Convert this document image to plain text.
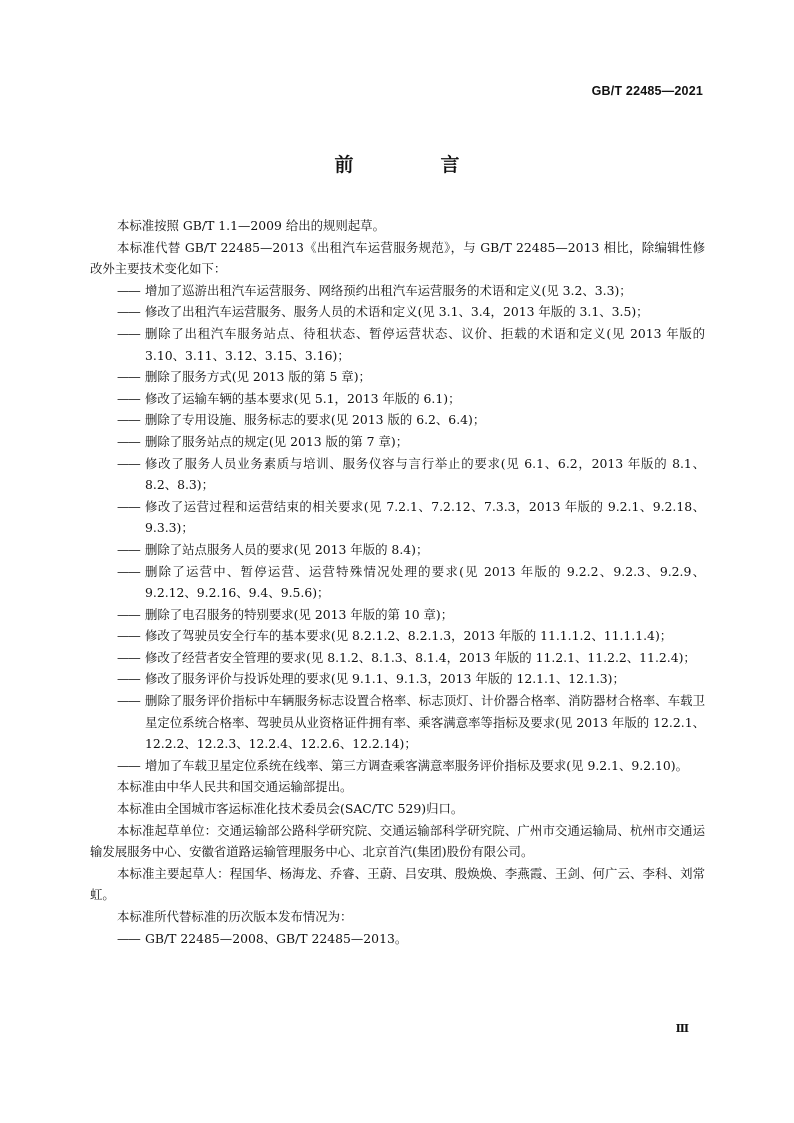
GB/T 22485—2021
前　言

本标准按照 GB/T 1.1—2009 给出的规则起草。

本标准代替 GB/T 22485—2013《出租汽车运营服务规范》，与 GB/T 22485—2013 相比，除编辑性修改外主要技术变化如下：

—— 增加了巡游出租汽车运营服务、网络预约出租汽车运营服务的术语和定义(见 3.2、3.3)；

—— 修改了出租汽车运营服务、服务人员的术语和定义(见 3.1、3.4，2013 年版的 3.1、3.5)；

—— 删除了出租汽车服务站点、待租状态、暂停运营状态、议价、拒载的术语和定义(见 2013 年版的 3.10、3.11、3.12、3.15、3.16)；

—— 删除了服务方式(见 2013 版的第 5 章)；

—— 修改了运输车辆的基本要求(见 5.1，2013 年版的 6.1)；

—— 删除了专用设施、服务标志的要求(见 2013 版的 6.2、6.4)；

—— 删除了服务站点的规定(见 2013 版的第 7 章)；

—— 修改了服务人员业务素质与培训、服务仪容与言行举止的要求(见 6.1、6.2，2013 年版的 8.1、8.2、8.3)；

—— 修改了运营过程和运营结束的相关要求(见 7.2.1、7.2.12、7.3.3，2013 年版的 9.2.1、9.2.18、9.3.3)；

—— 删除了站点服务人员的要求(见 2013 年版的 8.4)；

—— 删除了运营中、暂停运营、运营特殊情况处理的要求(见 2013 年版的 9.2.2、9.2.3、9.2.9、9.2.12、9.2.16、9.4、9.5.6)；

—— 删除了电召服务的特别要求(见 2013 年版的第 10 章)；

—— 修改了驾驶员安全行车的基本要求(见 8.2.1.2、8.2.1.3，2013 年版的 11.1.1.2、11.1.1.4)；

—— 修改了经营者安全管理的要求(见 8.1.2、8.1.3、8.1.4，2013 年版的 11.2.1、11.2.2、11.2.4)；

—— 修改了服务评价与投诉处理的要求(见 9.1.1、9.1.3，2013 年版的 12.1.1、12.1.3)；

—— 删除了服务评价指标中车辆服务标志设置合格率、标志顶灯、计价器合格率、消防器材合格率、车载卫星定位系统合格率、驾驶员从业资格证件拥有率、乘客满意率等指标及要求(见 2013 年版的 12.2.1、12.2.2、12.2.3、12.2.4、12.2.6、12.2.14)；

—— 增加了车载卫星定位系统在线率、第三方调查乘客满意率服务评价指标及要求(见 9.2.1、9.2.10)。

本标准由中华人民共和国交通运输部提出。

本标准由全国城市客运标准化技术委员会(SAC/TC 529)归口。

本标准起草单位：交通运输部公路科学研究院、交通运输部科学研究院、广州市交通运输局、杭州市交通运输发展服务中心、安徽省道路运输管理服务中心、北京首汽(集团)股份有限公司。

本标准主要起草人：程国华、杨海龙、乔睿、王蔚、吕安琪、殷焕焕、李燕霞、王剑、何广云、李科、刘常虹。

本标准所代替标准的历次版本发布情况为：

—— GB/T 22485—2008、GB/T 22485—2013。

Ⅲ
